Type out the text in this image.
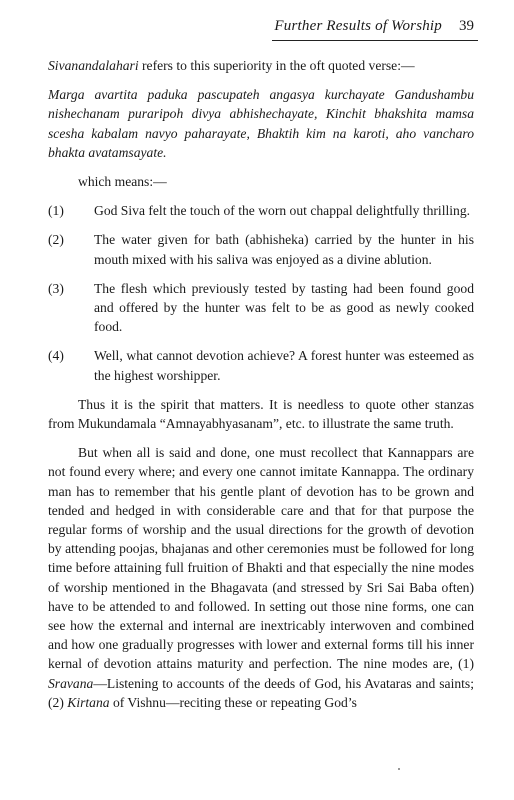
Further Results of Worship 39

Sivanandalahari refers to this superiority in the oft quoted verse:—

Marga avartita paduka pascupateh angasya kurchayate Gandushambu nishechanam puraripoh divya abhishechayate, Kinchit bhakshita mamsa scesha kabalam navyo paharayate, Bhaktih kim na karoti, aho vancharo bhakta avatamsayate.

which means:—

(1) God Siva felt the touch of the worn out chappal delightfully thrilling.
(2) The water given for bath (abhisheka) carried by the hunter in his mouth mixed with his saliva was enjoyed as a divine ablution.
(3) The flesh which previously tested by tasting had been found good and offered by the hunter was felt to be as good as newly cooked food.
(4) Well, what cannot devotion achieve? A forest hunter was esteemed as the highest worshipper.

Thus it is the spirit that matters. It is needless to quote other stanzas from Mukundamala “Amnayabhyasanam”, etc. to illustrate the same truth.

But when all is said and done, one must recollect that Kannappars are not found every where; and every one cannot imitate Kannappa. The ordinary man has to remember that his gentle plant of devotion has to be grown and tended and hedged in with considerable care and that for that purpose the regular forms of worship and the usual directions for the growth of devotion by attending poojas, bhajanas and other ceremonies must be followed for long time before attaining full fruition of Bhakti and that especially the nine modes of worship mentioned in the Bhagavata (and stressed by Sri Sai Baba often) have to be attended to and followed. In setting out those nine forms, one can see how the external and internal are inextricably interwoven and combined and how one gradually progresses with lower and external forms till his inner kernal of devotion attains maturity and perfection. The nine modes are, (1) Sravana—Listening to accounts of the deeds of God, his Avataras and saints; (2) Kirtana of Vishnu—reciting these or repeating God’s
